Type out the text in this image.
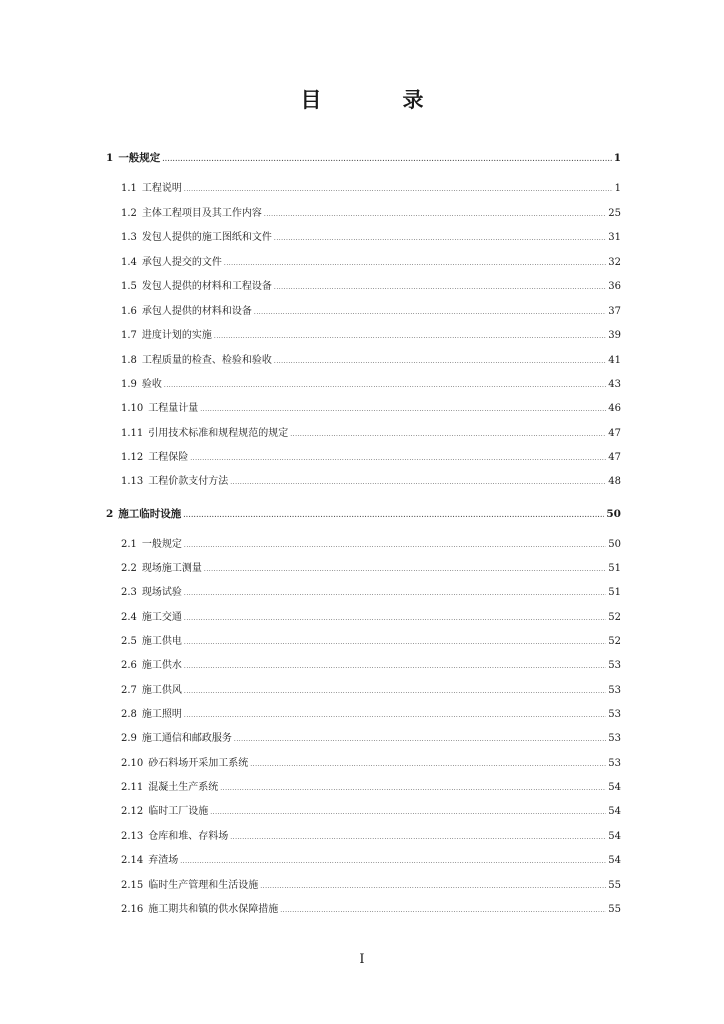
目　录
1 一般规定 .....	1
1.1 工程说明 .....	1
1.2 主体工程项目及其工作内容 .....	25
1.3 发包人提供的施工图纸和文件 .....	31
1.4 承包人提交的文件 .....	32
1.5 发包人提供的材料和工程设备 .....	36
1.6 承包人提供的材料和设备 .....	37
1.7 进度计划的实施 .....	39
1.8 工程质量的检查、检验和验收 .....	41
1.9 验收 .....	43
1.10 工程量计量 .....	46
1.11 引用技术标准和规程规范的规定 .....	47
1.12 工程保险 .....	47
1.13 工程价款支付方法 .....	48
2 施工临时设施 .....	50
2.1 一般规定 .....	50
2.2 现场施工测量 .....	51
2.3 现场试验 .....	51
2.4 施工交通 .....	52
2.5 施工供电 .....	52
2.6 施工供水 .....	53
2.7 施工供风 .....	53
2.8 施工照明 .....	53
2.9 施工通信和邮政服务 .....	53
2.10 砂石料场开采加工系统 .....	53
2.11 混凝土生产系统 .....	54
2.12 临时工厂设施 .....	54
2.13 仓库和堆、存料场 .....	54
2.14 弃渣场 .....	54
2.15 临时生产管理和生活设施 .....	55
2.16 施工期共和镇的供水保障措施 .....	55
I
